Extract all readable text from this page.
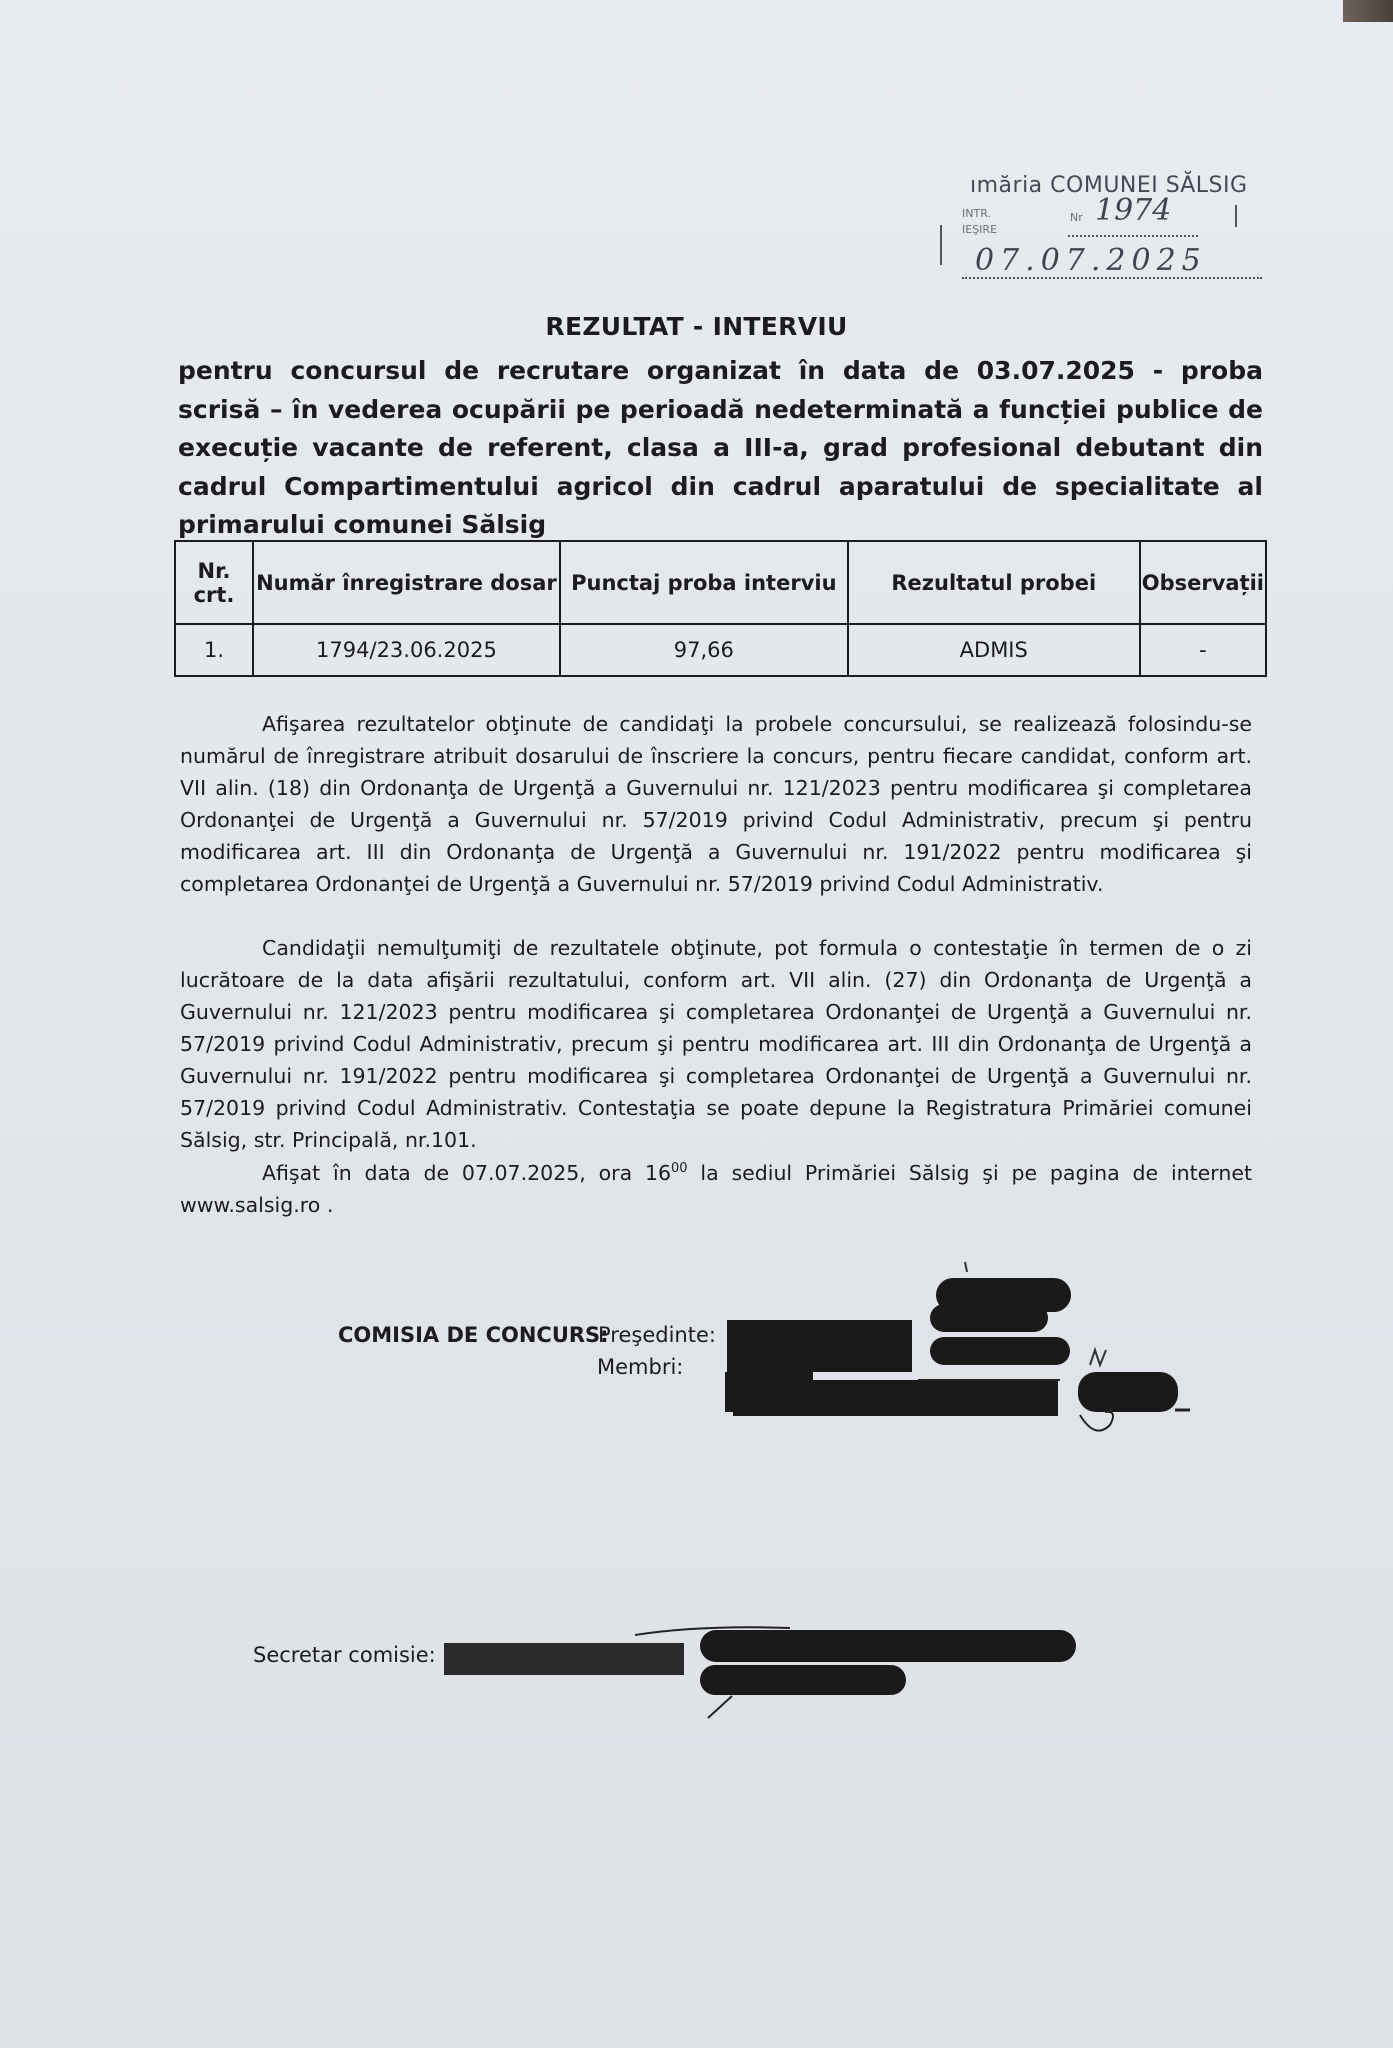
ımăria COMUNEI SĂLSIG
INTR.
IEŞIRE
Nr 1974
07.07.2025
REZULTAT - INTERVIU
pentru concursul de recrutare organizat în data de 03.07.2025 - proba scrisă – în vederea ocupării pe perioadă nedeterminată a funcției publice de execuție vacante de referent, clasa a III-a, grad profesional debutant din cadrul Compartimentului agricol din cadrul aparatului de specialitate al primarului comunei Sălsig
Nr. crt.	Număr înregistrare dosar	Punctaj proba interviu	Rezultatul probei	Observații
1.	1794/23.06.2025	97,66	ADMIS	-

Afişarea rezultatelor obţinute de candidaţi la probele concursului, se realizează folosindu-se numărul de înregistrare atribuit dosarului de înscriere la concurs, pentru fiecare candidat, conform art. VII alin. (18) din Ordonanţa de Urgenţă a Guvernului nr. 121/2023 pentru modificarea şi completarea Ordonanţei de Urgenţă a Guvernului nr. 57/2019 privind Codul Administrativ, precum şi pentru modificarea art. III din Ordonanţa de Urgenţă a Guvernului nr. 191/2022 pentru modificarea şi completarea Ordonanţei de Urgenţă a Guvernului nr. 57/2019 privind Codul Administrativ.

Candidaţii nemulţumiţi de rezultatele obţinute, pot formula o contestaţie în termen de o zi lucrătoare de la data afişării rezultatului, conform art. VII alin. (27) din Ordonanţa de Urgenţă a Guvernului nr. 121/2023 pentru modificarea şi completarea Ordonanţei de Urgenţă a Guvernului nr. 57/2019 privind Codul Administrativ, precum şi pentru modificarea art. III din Ordonanţa de Urgenţă a Guvernului nr. 191/2022 pentru modificarea şi completarea Ordonanţei de Urgenţă a Guvernului nr. 57/2019 privind Codul Administrativ. Contestaţia se poate depune la Registratura Primăriei comunei Sălsig, str. Principală, nr.101.

Afişat în data de 07.07.2025, ora $16^{00}$ la sediul Primăriei Sălsig şi pe pagina de internet www.salsig.ro .

COMISIA DE CONCURS:
Preşedinte:
Membri:
Secretar comisie:
